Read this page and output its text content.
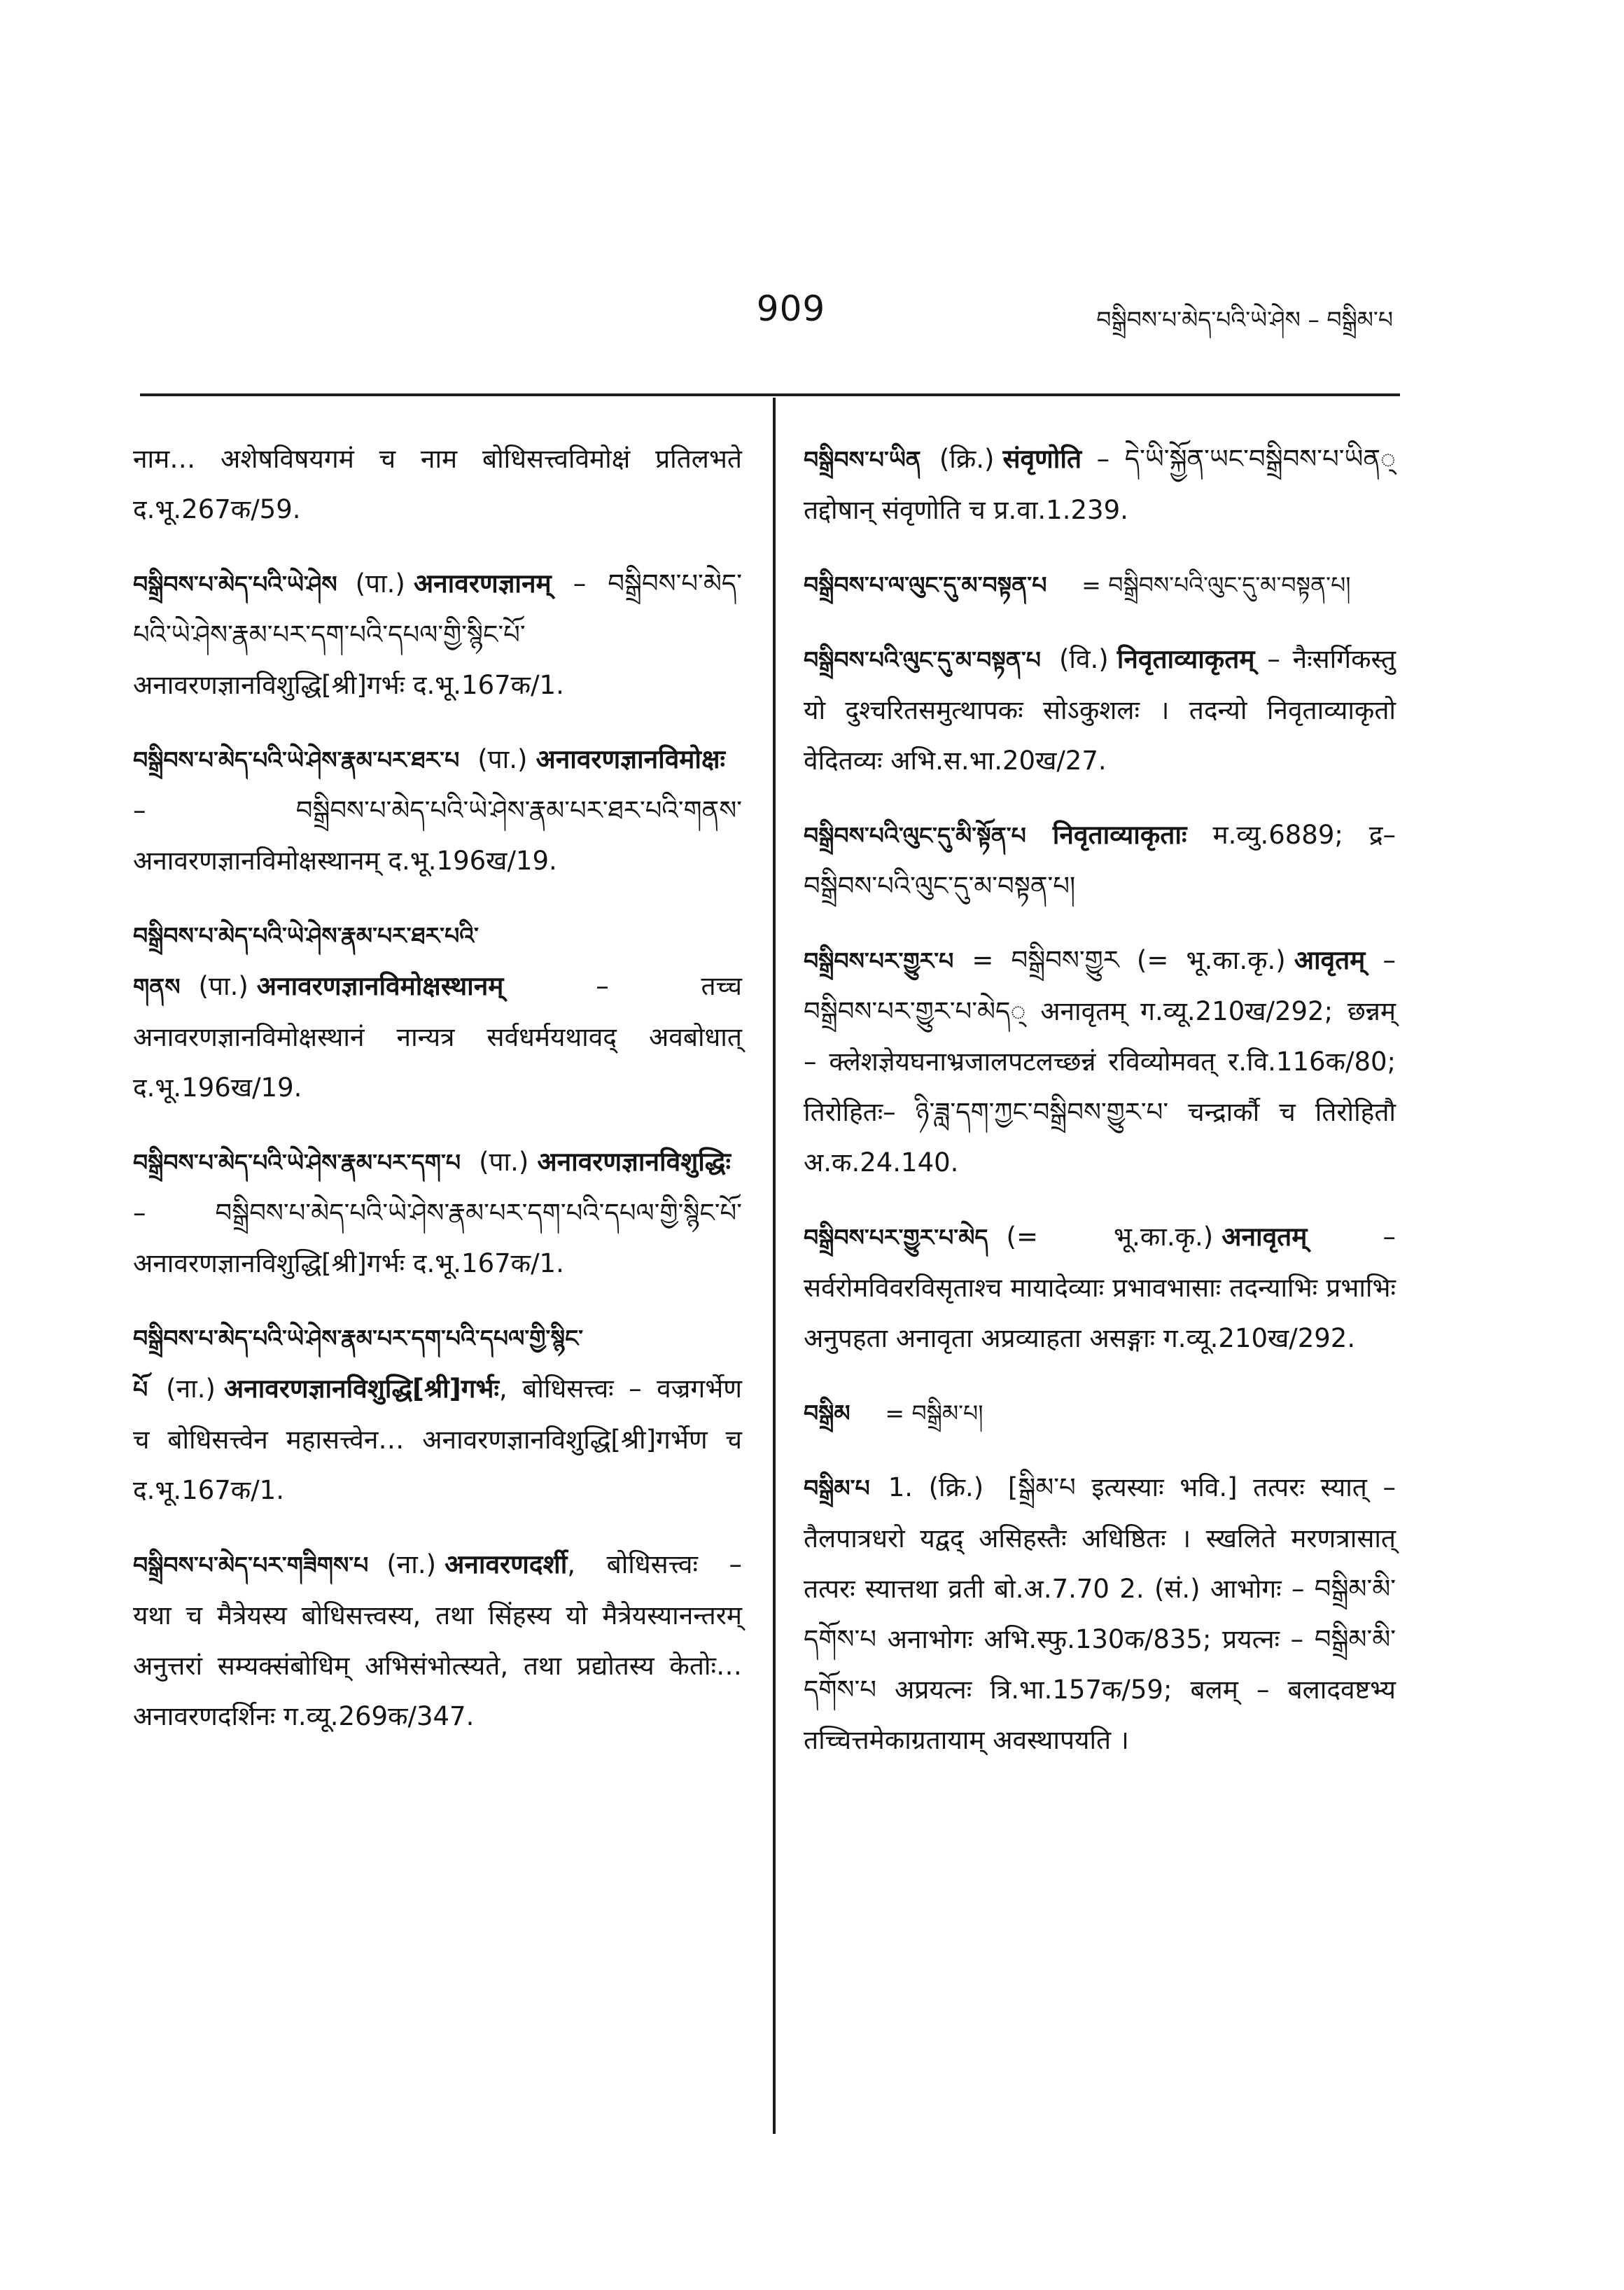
909	བསྒྲིབས་པ་མེད་པའི་ཡེ་ཤེས – བསྒྲིམ་པ

नाम… अशेषविषयगमं च नाम बोधिसत्त्वविमोक्षं प्रतिलभते द.भू.267क/59.

བསྒྲིབས་པ་མེད་པའི་ཡེ་ཤེས (पा.) अनावरणज्ञानम् – བསྒྲིབས་པ་མེད་པའི་ཡེ་ཤེས་རྣམ་པར་དག་པའི་དཔལ་གྱི་སྙིང་པོ་ अनावरणज्ञानविशुद्धि[श्री]गर्भः द.भू.167क/1.

བསྒྲིབས་པ་མེད་པའི་ཡེ་ཤེས་རྣམ་པར་ཐར་པ (पा.) अनावरणज्ञानविमोक्षः – བསྒྲིབས་པ་མེད་པའི་ཡེ་ཤེས་རྣམ་པར་ཐར་པའི་གནས་ अनावरणज्ञानविमोक्षस्थानम् द.भू.196ख/19.

བསྒྲིབས་པ་མེད་པའི་ཡེ་ཤེས་རྣམ་པར་ཐར་པའི་གནས (पा.) अनावरणज्ञानविमोक्षस्थानम्	– तच्च अनावरणज्ञानविमोक्षस्थानं नान्यत्र सर्वधर्मयथावद् अवबोधात् द.भू.196ख/19.

བསྒྲིབས་པ་མེད་པའི་ཡེ་ཤེས་རྣམ་པར་དག་པ (पा.) अनावरणज्ञानविशुद्धिः – བསྒྲིབས་པ་མེད་པའི་ཡེ་ཤེས་རྣམ་པར་དག་པའི་དཔལ་གྱི་སྙིང་པོ་ अनावरणज्ञानविशुद्धि[श्री]गर्भः द.भू.167क/1.

བསྒྲིབས་པ་མེད་པའི་ཡེ་ཤེས་རྣམ་པར་དག་པའི་དཔལ་གྱི་སྙིང་པོ (ना.) अनावरणज्ञानविशुद्धि[श्री]गर्भः, बोधिसत्त्वः – वज्रगर्भेण च बोधिसत्त्वेन महासत्त्वेन… अनावरणज्ञानविशुद्धि[श्री]गर्भेण च द.भू.167क/1.

བསྒྲིབས་པ་མེད་པར་གཟིགས་པ (ना.) अनावरणदर्शी, बोधिसत्त्वः – यथा च मैत्रेयस्य बोधिसत्त्वस्य, तथा सिंहस्य यो मैत्रेयस्यानन्तरम् अनुत्तरां सम्यक्संबोधिम् अभिसंभोत्स्यते, तथा प्रद्योतस्य केतोः… अनावरणदर्शिनः ग.व्यू.269क/347.

བསྒྲིབས་པ་ཡིན (क्रि.) संवृणोति – དེ་ཡི་སྐྱོན་ཡང་བསྒྲིབས་པ་ཡིན् तद्दोषान् संवृणोति च प्र.वा.1.239.

བསྒྲིབས་པ་ལ་ལུང་དུ་མ་བསྟན་པ = བསྒྲིབས་པའི་ལུང་དུ་མ་བསྟན་པ།

བསྒྲིབས་པའི་ལུང་དུ་མ་བསྟན་པ (वि.) निवृताव्याकृतम् – नैःसर्गिकस्तु यो दुश्चरितसमुत्थापकः सोऽकुशलः । तदन्यो निवृताव्याकृतो वेदितव्यः अभि.स.भा.20ख/27.

བསྒྲིབས་པའི་ལུང་དུ་མི་སྟོན་པ निवृताव्याकृताः म.व्यु.6889; द्र– བསྒྲིབས་པའི་ལུང་དུ་མ་བསྟན་པ།

བསྒྲིབས་པར་གྱུར་པ = བསྒྲིབས་གྱུར (= भू.का.कृ.) आवृतम् – བསྒྲིབས་པར་གྱུར་པ་མེད् अनावृतम् ग.व्यू.210ख/292; छन्नम् – क्लेशज्ञेयघनाभ्रजालपटलच्छन्नं रविव्योमवत् र.वि.116क/80; तिरोहितः– ཉི་ཟླ་དག་ཀྱང་བསྒྲིབས་གྱུར་པ་ चन्द्रार्कौ च तिरोहितौ अ.क.24.140.

བསྒྲིབས་པར་གྱུར་པ་མེད (= भू.का.कृ.) अनावृतम्	– सर्वरोमविवरविसृताश्च मायादेव्याः प्रभावभासाः तदन्याभिः प्रभाभिः अनुपहता अनावृता अप्रव्याहता असङ्गाः ग.व्यू.210ख/292.

བསྒྲིམ = བསྒྲིམ་པ།

བསྒྲིམ་པ 1. (क्रि.) [སྒྲིམ་པ इत्यस्याः भवि.] तत्परः स्यात् – तैलपात्रधरो यद्वद् असिहस्तैः अधिष्ठितः । स्खलिते मरणत्रासात् तत्परः स्यात्तथा व्रती बो.अ.7.70 2. (सं.) आभोगः – བསྒྲིམ་མི་དགོས་པ अनाभोगः अभि.स्फु.130क/835; प्रयत्नः – བསྒྲིམ་མི་དགོས་པ अप्रयत्नः त्रि.भा.157क/59; बलम् – बलादवष्टभ्य तच्चित्तमेकाग्रतायाम् अवस्थापयति ।
